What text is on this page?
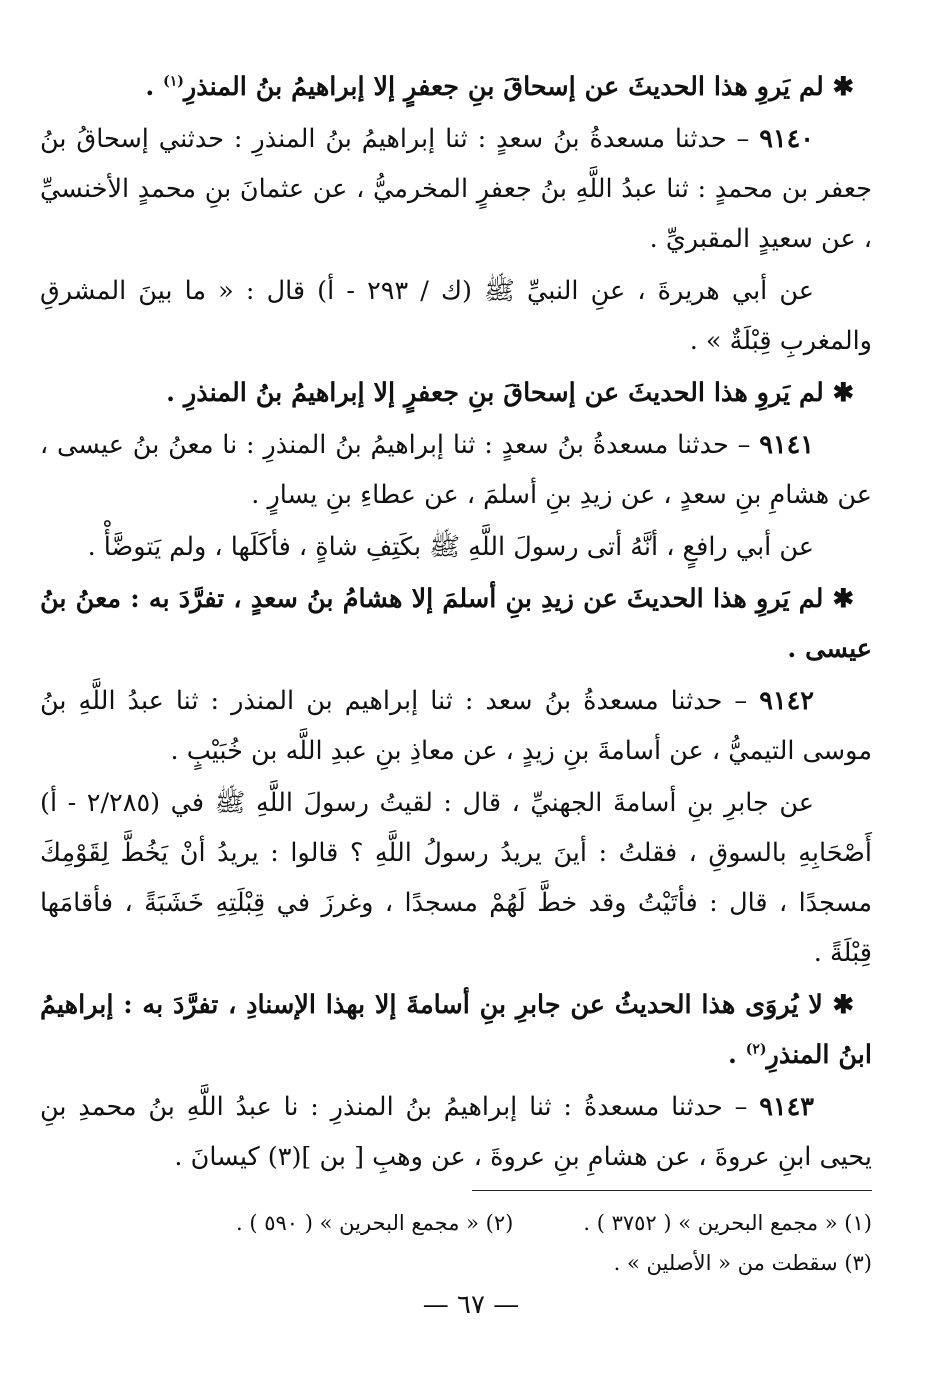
✱ لم يَروِ هذا الحديثَ عن إسحاقَ بنِ جعفرٍ إلا إبراهيمُ بنُ المنذرِ$^{(١)}$ .

٩١٤٠ – حدثنا مسعدةُ بنُ سعدٍ : ثنا إبراهيمُ بنُ المنذرِ : حدثني إسحاقُ بنُ جعفر بن محمدٍ : ثنا عبدُ اللَّهِ بنُ جعفرٍ المخرميُّ ، عن عثمانَ بنِ محمدٍ الأخنسيِّ ، عن سعيدٍ المقبريِّ .

عن أبي هريرةَ ، عنِ النبيِّ ﷺ (ك / ٢٩٣ - أ) قال : « ما بينَ المشرقِ والمغربِ قِبْلَةٌ » .

✱ لم يَروِ هذا الحديثَ عن إسحاقَ بنِ جعفرٍ إلا إبراهيمُ بنُ المنذرِ .

٩١٤١ – حدثنا مسعدةُ بنُ سعدٍ : ثنا إبراهيمُ بنُ المنذرِ : نا معنُ بنُ عيسى ، عن هشامِ بنِ سعدٍ ، عن زيدِ بنِ أسلمَ ، عن عطاءِ بنِ يسارٍ .

عن أبي رافعٍ ، أنَّهُ أتى رسولَ اللَّهِ ﷺ بكَتِفِ شاةٍ ، فأكَلَها ، ولم يَتوضَّأْ .

✱ لم يَروِ هذا الحديثَ عن زيدِ بنِ أسلمَ إلا هشامُ بنُ سعدٍ ، تفرَّدَ به : معنُ بنُ عيسى .

٩١٤٢ – حدثنا مسعدةُ بنُ سعد : ثنا إبراهيم بن المنذر : ثنا عبدُ اللَّهِ بنُ موسى التيميُّ ، عن أسامةَ بنِ زيدٍ ، عن معاذِ بنِ عبدِ اللَّه بن خُبَيْبٍ .

عن جابرِ بنِ أسامةَ الجهنيِّ ، قال : لقيتُ رسولَ اللَّهِ ﷺ في (٢/٢٨٥ - أ) أَصْحَابِهِ بالسوقِ ، فقلتُ : أينَ يريدُ رسولُ اللَّهِ ؟ قالوا : يريدُ أنْ يَخُطَّ لِقَوْمِكَ مسجدًا ، قال : فأتَيْتُ وقد خطَّ لَهُمْ مسجدًا ، وغرزَ في قِبْلَتِهِ خَشَبَةً ، فأقامَها قِبْلَةً .

✱ لا يُروَى هذا الحديثُ عن جابرِ بنِ أسامةَ إلا بهذا الإسنادِ ، تفرَّدَ به : إبراهيمُ ابنُ المنذرِ$^{(٢)}$ .

٩١٤٣ – حدثنا مسعدةُ : ثنا إبراهيمُ بنُ المنذرِ : نا عبدُ اللَّهِ بنُ محمدِ بنِ يحيى ابنِ عروةَ ، عن هشامِ بنِ عروةَ ، عن وهبِ [ بن ](٣) كيسانَ .

(١) « مجمع البحرين » ( ٣٧٥٢ ) .
(٢) « مجمع البحرين » ( ٥٩٠ ) .
(٣) سقطت من « الأصلين » .
— ٦٧ —
